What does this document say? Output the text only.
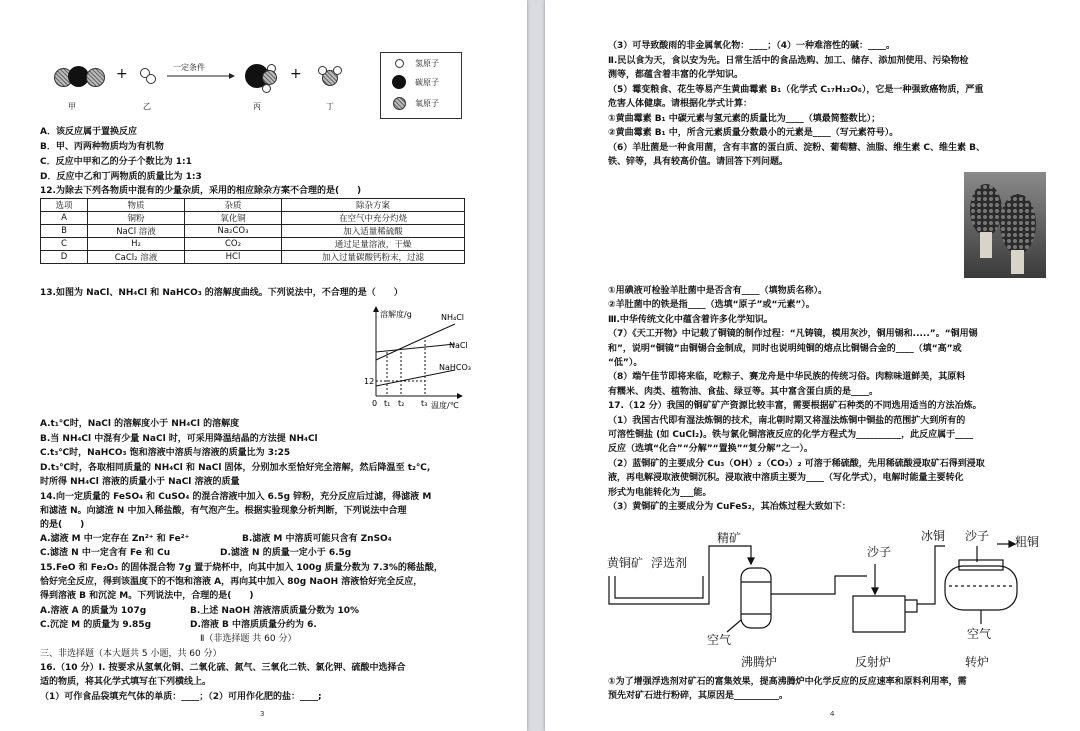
+	一定条件	+
甲	乙	丙	丁
氢原子
碳原子
氧原子
A．该反应属于置换反应
B．甲、丙两种物质均为有机物
C．反应中甲和乙的分子个数比为 1:1
D．反应中乙和丁两物质的质量比为 1:3
12.为除去下列各物质中混有的少量杂质，采用的相应除杂方案不合理的是(　　)
选项	物质	杂质	除杂方案
A	铜粉	氧化铜	在空气中充分灼烧
B	NaCl 溶液	Na₂CO₃	加入适量稀硫酸
C	H₂	CO₂	通过足量溶液，干燥
D	CaCl₂ 溶液	HCl	加入过量碳酸钙粉末，过滤
13.如图为 NaCl、NH₄Cl 和 NaHCO₃ 的溶解度曲线。下列说法中，不合理的是（　　）
溶解度/g
温度/℃
12
0 t₁ t₂ t₃
NH₄Cl
NaCl
NaHCO₃
A.t₁℃时，NaCl 的溶解度小于 NH₄Cl 的溶解度
B.当 NH₄Cl 中混有少量 NaCl 时，可采用降温结晶的方法提 NH₄Cl
C.t₃℃时，NaHCO₃ 饱和溶液中溶质与溶液的质量比为 3:25
D.t₃℃时，各取相同质量的 NH₄Cl 和 NaCl 固体，分别加水至恰好完全溶解，然后降温至 t₂℃,
时所得 NH₄Cl 溶液的质量小于 NaCl 溶液的质量
14.向一定质量的 FeSO₄ 和 CuSO₄ 的混合溶液中加入 6.5g 锌粉，充分反应后过滤，得滤液 M
和滤渣 N。向滤渣 N 中加入稀盐酸，有气泡产生。根据实验现象分析判断，下列说法中合理
的是(　　)
A.滤液 M 中一定存在 Zn²⁺ 和 Fe²⁺	B.滤液 M 中溶质可能只含有 ZnSO₄
C.滤渣 N 中一定含有 Fe 和 Cu	D.滤渣 N 的质量一定小于 6.5g
15.FeO 和 Fe₂O₃ 的固体混合物 7g 置于烧杯中，向其中加入 100g 质量分数为 7.3%的稀盐酸，
恰好完全反应，得到该温度下的不饱和溶液 A，再向其中加入 80g NaOH 溶液恰好完全反应，
得到溶液 B 和沉淀 M。下列说法中，合理的是(　　)
A.溶液 A 的质量为 107g	B.上述 NaOH 溶液溶质质量分数为 10%
C.沉淀 M 的质量为 9.85g	D.溶液 B 中溶质质量分约为 6.
Ⅱ（非选择题 共 60 分）
三、非选择题（本大题共 5 小题，共 60 分）
16.（10 分）Ⅰ. 按要求从氢氧化铜、二氧化硫、氮气、三氧化二铁、氯化钾、硫酸中选择合
适的物质，将其化学式填写在下列横线上。
（1）可作食品袋填充气体的单质：____；（2）可用作化肥的盐：____;
3
（3）可导致酸雨的非金属氧化物：____；（4）一种难溶性的碱：____。
Ⅱ.民以食为天，食以安为先。日常生活中的食品选购、加工、储存、添加剂使用、污染物检
测等，都蕴含着丰富的化学知识。
（5）霉变粮食、花生等易产生黄曲霉素 B₁（化学式 C₁₇H₁₂O₆），它是一种强致癌物质，严重
危害人体健康。请根据化学式计算：
①黄曲霉素 B₁ 中碳元素与氢元素的质量比为____（填最简整数比）；
②黄曲霉素 B₁ 中，所含元素质量分数最小的元素是____（写元素符号）。
（6）羊肚菌是一种食用菌，含有丰富的蛋白质、淀粉、葡萄糖、油脂、维生素 C、维生素 B、
铁、锌等，具有较高价值。请回答下列问题。
①用碘液可检验羊肚菌中是否含有____（填物质名称）。
②羊肚菌中的铁是指____（选填“原子”或“元素”）。
Ⅲ.中华传统文化中蕴含着许多化学知识。
（7）《天工开物》中记载了铜镜的制作过程：“凡铸镜，模用灰沙，铜用锡和.....”。“铜用锡
和”，说明“铜镜”由铜锡合金制成，同时也说明纯铜的熔点比铜锡合金的____（填“高”或
“低”）。
（8）端午佳节即将来临，吃粽子、赛龙舟是中华民族的传统习俗。肉粽味道鲜美，其原料
有糯米、肉类、植物油、食盐、绿豆等。其中富含蛋白质的是____。
17.（12 分）我国的铜矿矿产资源比较丰富，需要根据矿石种类的不同选用适当的方法冶炼。
（1）我国古代即有湿法炼铜的技术，南北朝时期又将湿法炼铜中铜盐的范围扩大到所有的
可溶性铜盐 (如 CuCl₂)。铁与氯化铜溶液反应的化学方程式为__________，此反应属于____
反应（选填“化合”“分解”“置换”“复分解”之一）。
（2）蓝铜矿的主要成分 Cu₃（OH）₂（CO₃）₂ 可溶于稀硫酸，先用稀硫酸浸取矿石得到浸取
液，再电解浸取液使铜沉积。浸取液中溶质主要为____（写化学式），电解时能量主要转化
形式为电能转化为___能。
（3）黄铜矿的主要成分为 CuFeS₂，其冶炼过程大致如下：
黄铜矿 浮选剂
精矿
沙子
冰铜 沙子 粗铜
空气	空气
沸腾炉	反射炉	转炉
①为了增强浮选剂对矿石的富集效果，提高沸腾炉中化学反应的反应速率和原料利用率，需
预先对矿石进行粉碎，其原因是__________。
4
